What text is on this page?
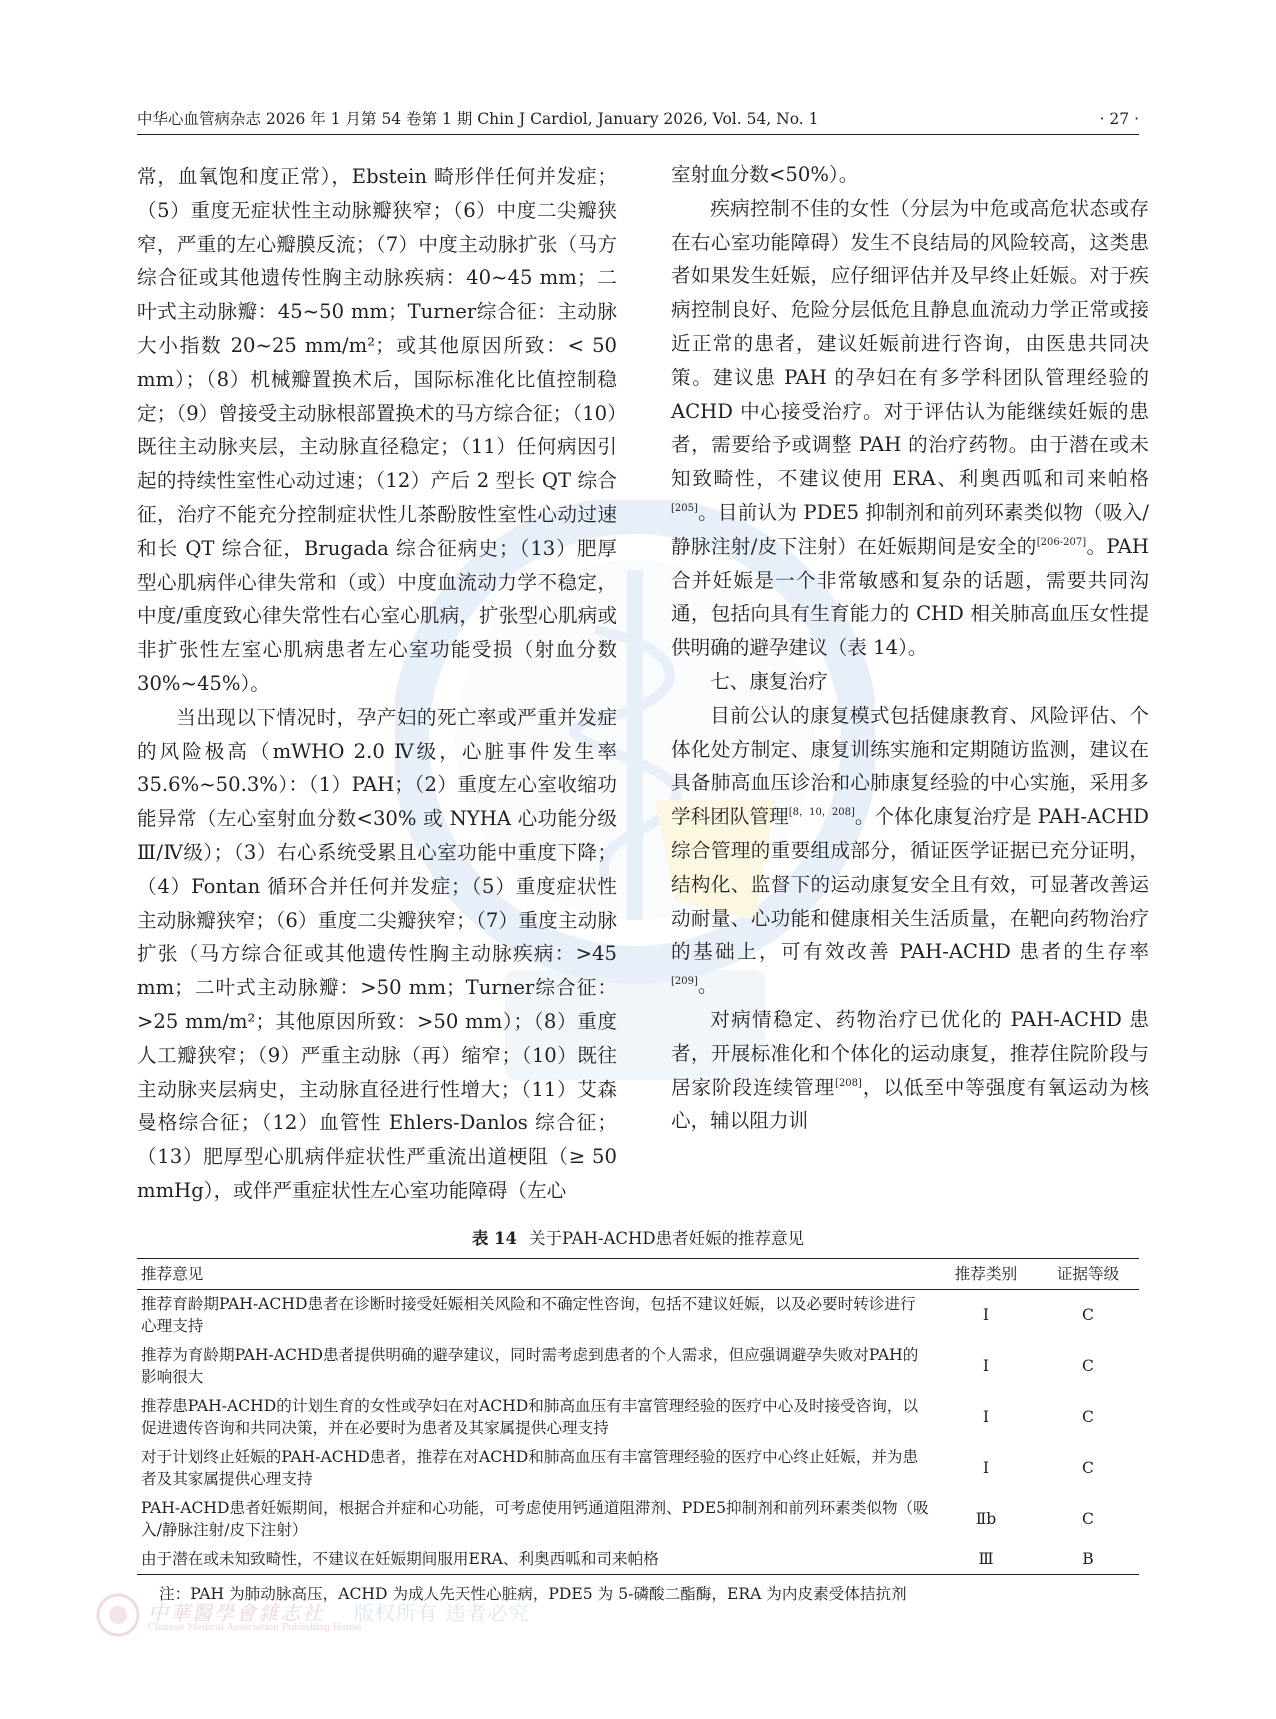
中华心血管病杂志 2026 年 1 月第 54 卷第 1 期 Chin J Cardiol, January 2026, Vol. 54, No. 1	· 27 ·

常，血氧饱和度正常），Ebstein 畸形伴任何并发症；（5）重度无症状性主动脉瓣狭窄；（6）中度二尖瓣狭窄，严重的左心瓣膜反流；（7）中度主动脉扩张（马方综合征或其他遗传性胸主动脉疾病：40~45 mm；二叶式主动脉瓣：45~50 mm；Turner综合征：主动脉大小指数 20~25 mm/m²；或其他原因所致：< 50 mm）；（8）机械瓣置换术后，国际标准化比值控制稳定；（9）曾接受主动脉根部置换术的马方综合征；（10）既往主动脉夹层，主动脉直径稳定；（11）任何病因引起的持续性室性心动过速；（12）产后 2 型长 QT 综合征，治疗不能充分控制症状性儿茶酚胺性室性心动过速和长 QT 综合征，Brugada 综合征病史；（13）肥厚型心肌病伴心律失常和（或）中度血流动力学不稳定，中度/重度致心律失常性右心室心肌病，扩张型心肌病或非扩张性左室心肌病患者左心室功能受损（射血分数 30%~45%）。

当出现以下情况时，孕产妇的死亡率或严重并发症的风险极高（mWHO 2.0 Ⅳ级，心脏事件发生率 35.6%~50.3%）：（1）PAH；（2）重度左心室收缩功能异常（左心室射血分数<30% 或 NYHA 心功能分级Ⅲ/Ⅳ级）；（3）右心系统受累且心室功能中重度下降；（4）Fontan 循环合并任何并发症；（5）重度症状性主动脉瓣狭窄；（6）重度二尖瓣狭窄；（7）重度主动脉扩张（马方综合征或其他遗传性胸主动脉疾病：>45 mm；二叶式主动脉瓣：>50 mm；Turner综合征：>25 mm/m²；其他原因所致：>50 mm）；（8）重度人工瓣狭窄；（9）严重主动脉（再）缩窄；（10）既往主动脉夹层病史，主动脉直径进行性增大；（11）艾森曼格综合征；（12）血管性 Ehlers-Danlos 综合征；（13）肥厚型心肌病伴症状性严重流出道梗阻（≥ 50 mmHg），或伴严重症状性左心室功能障碍（左心

室射血分数<50%）。

疾病控制不佳的女性（分层为中危或高危状态或存在右心室功能障碍）发生不良结局的风险较高，这类患者如果发生妊娠，应仔细评估并及早终止妊娠。对于疾病控制良好、危险分层低危且静息血流动力学正常或接近正常的患者，建议妊娠前进行咨询，由医患共同决策。建议患 PAH 的孕妇在有多学科团队管理经验的 ACHD 中心接受治疗。对于评估认为能继续妊娠的患者，需要给予或调整 PAH 的治疗药物。由于潜在或未知致畸性，不建议使用 ERA、利奥西呱和司来帕格[205]。目前认为 PDE5 抑制剂和前列环素类似物（吸入/静脉注射/皮下注射）在妊娠期间是安全的[206-207]。PAH 合并妊娠是一个非常敏感和复杂的话题，需要共同沟通，包括向具有生育能力的 CHD 相关肺高血压女性提供明确的避孕建议（表 14）。

七、康复治疗

目前公认的康复模式包括健康教育、风险评估、个体化处方制定、康复训练实施和定期随访监测，建议在具备肺高血压诊治和心肺康复经验的中心实施，采用多学科团队管理[8，10，208]。个体化康复治疗是 PAH-ACHD 综合管理的重要组成部分，循证医学证据已充分证明，结构化、监督下的运动康复安全且有效，可显著改善运动耐量、心功能和健康相关生活质量，在靶向药物治疗的基础上，可有效改善 PAH-ACHD 患者的生存率[209]。

对病情稳定、药物治疗已优化的 PAH-ACHD 患者，开展标准化和个体化的运动康复，推荐住院阶段与居家阶段连续管理[208]，以低至中等强度有氧运动为核心，辅以阻力训

表 14 关于PAH-ACHD患者妊娠的推荐意见
推荐意见	推荐类别	证据等级
推荐育龄期PAH-ACHD患者在诊断时接受妊娠相关风险和不确定性咨询，包括不建议妊娠，以及必要时转诊进行心理支持	Ⅰ	C
推荐为育龄期PAH-ACHD患者提供明确的避孕建议，同时需考虑到患者的个人需求，但应强调避孕失败对PAH的影响很大	Ⅰ	C
推荐患PAH-ACHD的计划生育的女性或孕妇在对ACHD和肺高血压有丰富管理经验的医疗中心及时接受咨询，以促进遗传咨询和共同决策，并在必要时为患者及其家属提供心理支持	Ⅰ	C
对于计划终止妊娠的PAH-ACHD患者，推荐在对ACHD和肺高血压有丰富管理经验的医疗中心终止妊娠，并为患者及其家属提供心理支持	Ⅰ	C
PAH-ACHD患者妊娠期间，根据合并症和心功能，可考虑使用钙通道阻滞剂、PDE5抑制剂和前列环素类似物（吸入/静脉注射/皮下注射）	Ⅱb	C
由于潜在或未知致畸性，不建议在妊娠期间服用ERA、利奥西呱和司来帕格	Ⅲ	B
注：PAH 为肺动脉高压，ACHD 为成人先天性心脏病，PDE5 为 5-磷酸二酯酶，ERA 为内皮素受体拮抗剂
中華醫學會雜志社
Chinese Medical Association Publishing House
版权所有 违者必究
